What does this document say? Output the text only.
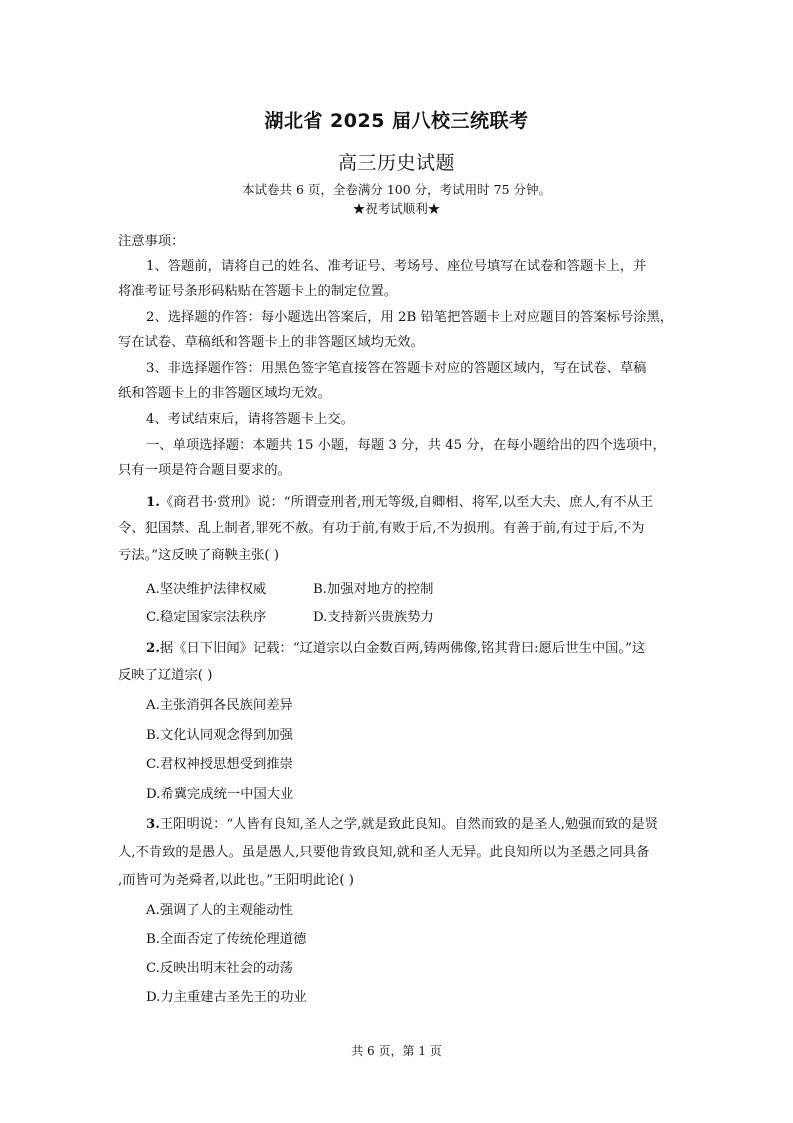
湖北省 2025 届八校三统联考
高三历史试题
本试卷共 6 页，全卷满分 100 分，考试用时 75 分钟。
★祝考试顺利★
注意事项：
1、答题前，请将自己的姓名、准考证号、考场号、座位号填写在试卷和答题卡上，并
将准考证号条形码粘贴在答题卡上的制定位置。
2、选择题的作答：每小题选出答案后，用 2B 铅笔把答题卡上对应题目的答案标号涂黑，
写在试卷、草稿纸和答题卡上的非答题区域均无效。
3、非选择题作答：用黑色签字笔直接答在答题卡对应的答题区域内，写在试卷、草稿
纸和答题卡上的非答题区域均无效。
4、考试结束后，请将答题卡上交。
一、单项选择题：本题共 15 小题，每题 3 分，共 45 分，在每小题给出的四个选项中，
只有一项是符合题目要求的。
1.《商君书·赏刑》说：“所谓壹刑者,刑无等级,自卿相、将军,以至大夫、庶人,有不从王
令、犯国禁、乱上制者,罪死不赦。有功于前,有败于后,不为损刑。有善于前,有过于后,不为
亏法。”这反映了商鞅主张( )
A.坚决维护法律权威	B.加强对地方的控制
C.稳定国家宗法秩序	D.支持新兴贵族势力
2.据《日下旧闻》记载：“辽道宗以白金数百两,铸两佛像,铭其背曰:愿后世生中国。”这
反映了辽道宗( )
A.主张消弭各民族间差异
B.文化认同观念得到加强
C.君权神授思想受到推崇
D.希冀完成统一中国大业
3.王阳明说：“人皆有良知,圣人之学,就是致此良知。自然而致的是圣人,勉强而致的是贤
人,不肯致的是愚人。虽是愚人,只要他肯致良知,就和圣人无异。此良知所以为圣愚之同具备
,而皆可为尧舜者,以此也。”王阳明此论( )
A.强调了人的主观能动性
B.全面否定了传统伦理道德
C.反映出明末社会的动荡
D.力主重建古圣先王的功业
共 6 页，第 1 页
